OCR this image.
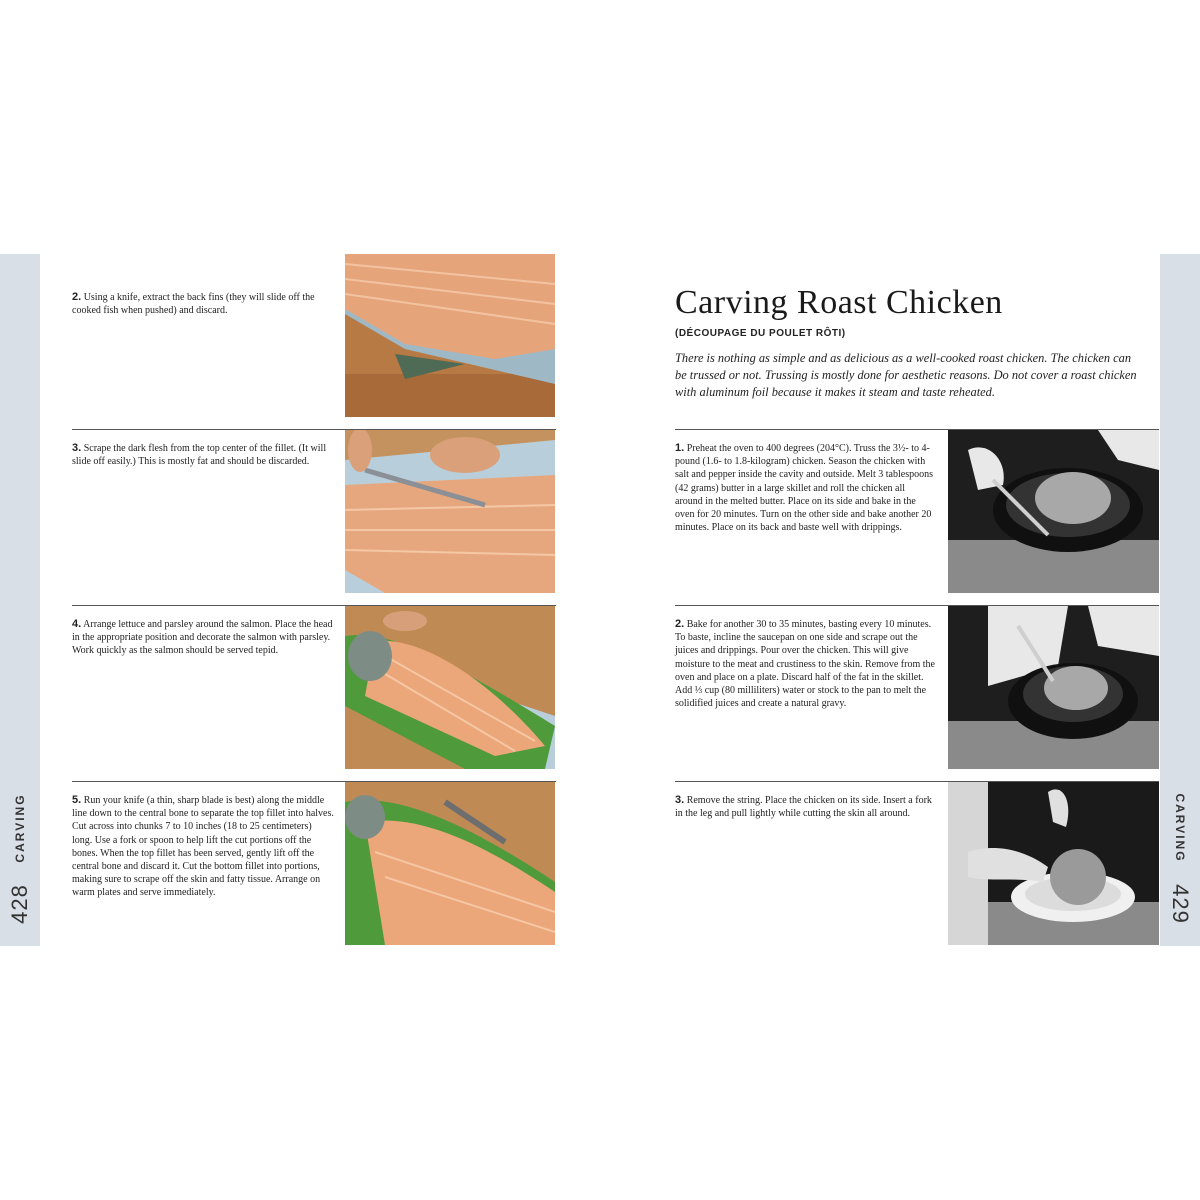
CARVING
428
CARVING
429
2. Using a knife, extract the back fins (they will slide off the cooked fish when pushed) and discard.
3. Scrape the dark flesh from the top center of the fillet. (It will slide off easily.) This is mostly fat and should be discarded.
4. Arrange lettuce and parsley around the salmon. Place the head in the appropriate position and decorate the salmon with parsley. Work quickly as the salmon should be served tepid.
5. Run your knife (a thin, sharp blade is best) along the middle line down to the central bone to separate the top fillet into halves. Cut across into chunks 7 to 10 inches (18 to 25 centimeters) long. Use a fork or spoon to help lift the cut portions off the bones. When the top fillet has been served, gently lift off the central bone and discard it. Cut the bottom fillet into portions, making sure to scrape off the skin and fatty tissue. Arrange on warm plates and serve immediately.
Carving Roast Chicken
(DÉCOUPAGE DU POULET RÔTI)
There is nothing as simple and as delicious as a well-cooked roast chicken. The chicken can be trussed or not. Trussing is mostly done for aesthetic reasons. Do not cover a roast chicken with aluminum foil because it makes it steam and taste reheated.
1. Preheat the oven to 400 degrees (204°C). Truss the 3½- to 4-pound (1.6- to 1.8-kilogram) chicken. Season the chicken with salt and pepper inside the cavity and outside. Melt 3 tablespoons (42 grams) butter in a large skillet and roll the chicken all around in the melted butter. Place on its side and bake in the oven for 20 minutes. Turn on the other side and bake another 20 minutes. Place on its back and baste well with drippings.
2. Bake for another 30 to 35 minutes, basting every 10 minutes. To baste, incline the saucepan on one side and scrape out the juices and drippings. Pour over the chicken. This will give moisture to the meat and crustiness to the skin. Remove from the oven and place on a plate. Discard half of the fat in the skillet. Add ⅓ cup (80 milliliters) water or stock to the pan to melt the solidified juices and create a natural gravy.
3. Remove the string. Place the chicken on its side. Insert a fork in the leg and pull lightly while cutting the skin all around.
